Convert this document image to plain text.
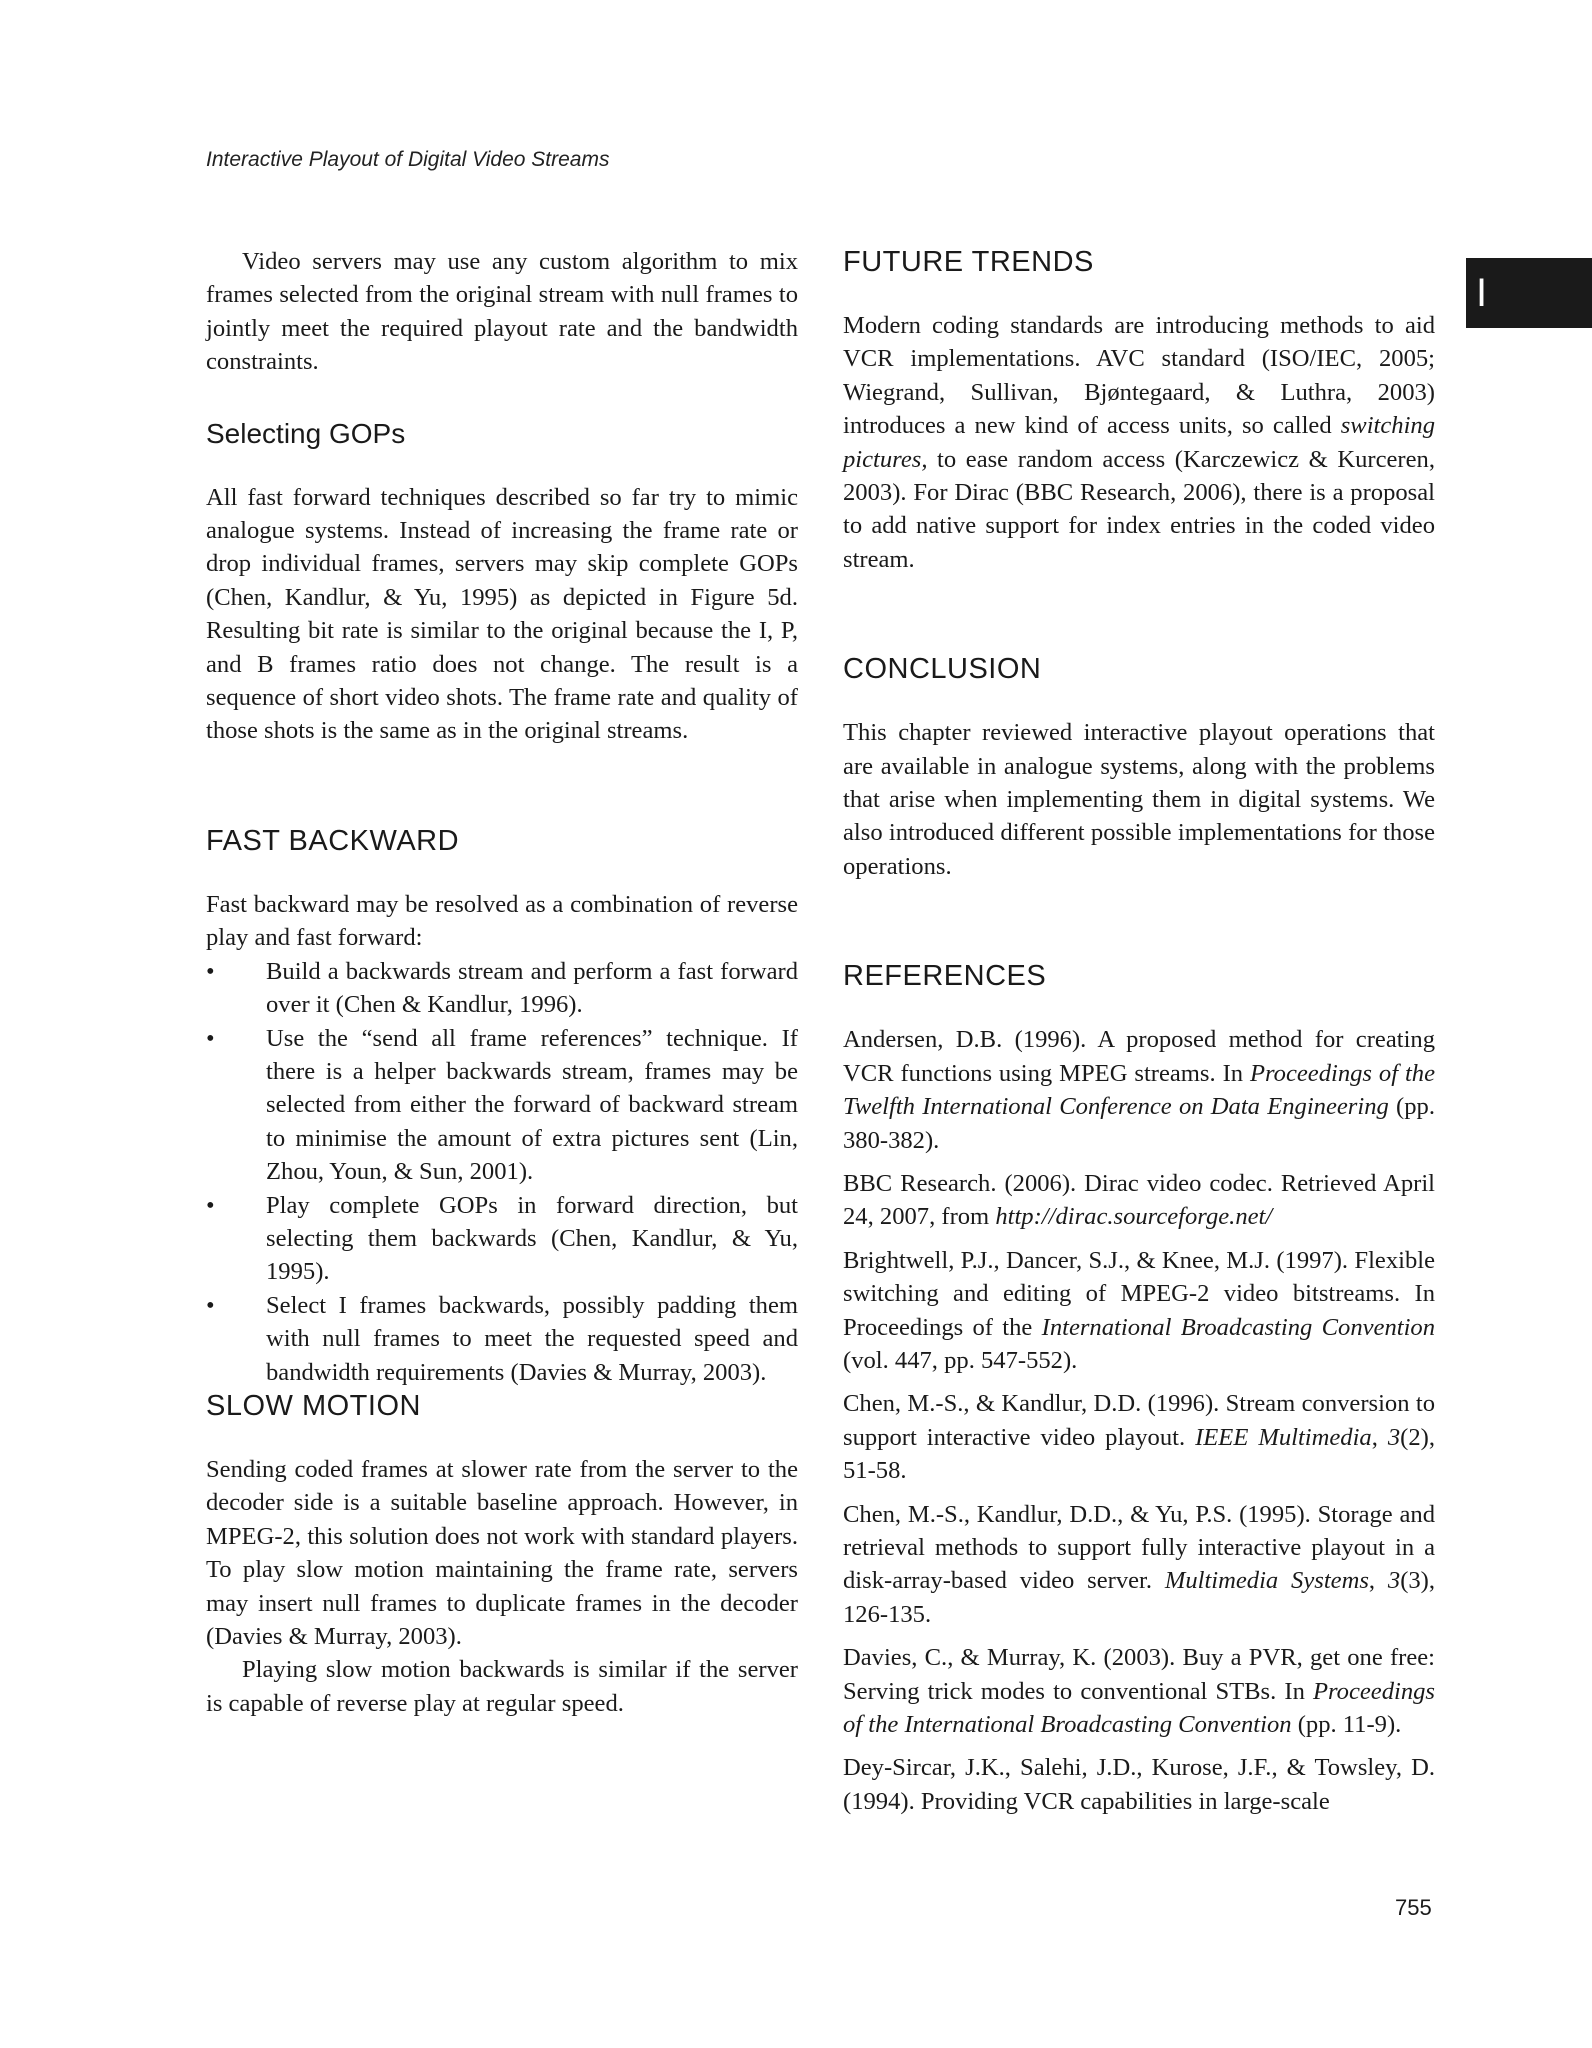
Interactive Playout of Digital Video Streams
I

Video servers may use any custom algorithm to mix frames selected from the original stream with null frames to jointly meet the required playout rate and the bandwidth constraints.

Selecting GOPs

All fast forward techniques described so far try to mimic analogue systems. Instead of increasing the frame rate or drop individual frames, servers may skip complete GOPs (Chen, Kandlur, & Yu, 1995) as depicted in Figure 5d. Resulting bit rate is similar to the original because the I, P, and B frames ratio does not change. The result is a sequence of short video shots. The frame rate and quality of those shots is the same as in the original streams.

FAST BACKWARD

Fast backward may be resolved as a combination of reverse play and fast forward:

• Build a backwards stream and perform a fast forward over it (Chen & Kandlur, 1996).
• Use the “send all frame references” technique. If there is a helper backwards stream, frames may be selected from either the forward of backward stream to minimise the amount of extra pictures sent (Lin, Zhou, Youn, & Sun, 2001).
• Play complete GOPs in forward direction, but selecting them backwards (Chen, Kandlur, & Yu, 1995).
• Select I frames backwards, possibly padding them with null frames to meet the requested speed and bandwidth requirements (Davies & Murray, 2003).
SLOW MOTION

Sending coded frames at slower rate from the server to the decoder side is a suitable baseline approach. However, in MPEG-2, this solution does not work with standard players. To play slow motion maintaining the frame rate, servers may insert null frames to duplicate frames in the decoder (Davies & Murray, 2003).

Playing slow motion backwards is similar if the server is capable of reverse play at regular speed.

FUTURE TRENDS

Modern coding standards are introducing methods to aid VCR implementations. AVC standard (ISO/IEC, 2005; Wiegrand, Sullivan, Bjøntegaard, & Luthra, 2003) introduces a new kind of access units, so called switching pictures, to ease random access (Karczewicz & Kurceren, 2003). For Dirac (BBC Research, 2006), there is a proposal to add native support for index entries in the coded video stream.

CONCLUSION

This chapter reviewed interactive playout operations that are available in analogue systems, along with the problems that arise when implementing them in digital systems. We also introduced different possible implementations for those operations.

REFERENCES

Andersen, D.B. (1996). A proposed method for creating VCR functions using MPEG streams. In Proceedings of the Twelfth International Conference on Data Engineering (pp. 380-382).

BBC Research. (2006). Dirac video codec. Retrieved April 24, 2007, from http://dirac.sourceforge.net/

Brightwell, P.J., Dancer, S.J., & Knee, M.J. (1997). Flexible switching and editing of MPEG-2 video bitstreams. In Proceedings of the International Broadcasting Convention (vol. 447, pp. 547-552).

Chen, M.-S., & Kandlur, D.D. (1996). Stream conversion to support interactive video playout. IEEE Multimedia, 3(2), 51-58.

Chen, M.-S., Kandlur, D.D., & Yu, P.S. (1995). Storage and retrieval methods to support fully interactive playout in a disk-array-based video server. Multimedia Systems, 3(3), 126-135.

Davies, C., & Murray, K. (2003). Buy a PVR, get one free: Serving trick modes to conventional STBs. In Proceedings of the International Broadcasting Convention (pp. 11-9).

Dey-Sircar, J.K., Salehi, J.D., Kurose, J.F., & Towsley, D. (1994). Providing VCR capabilities in large-scale

755
